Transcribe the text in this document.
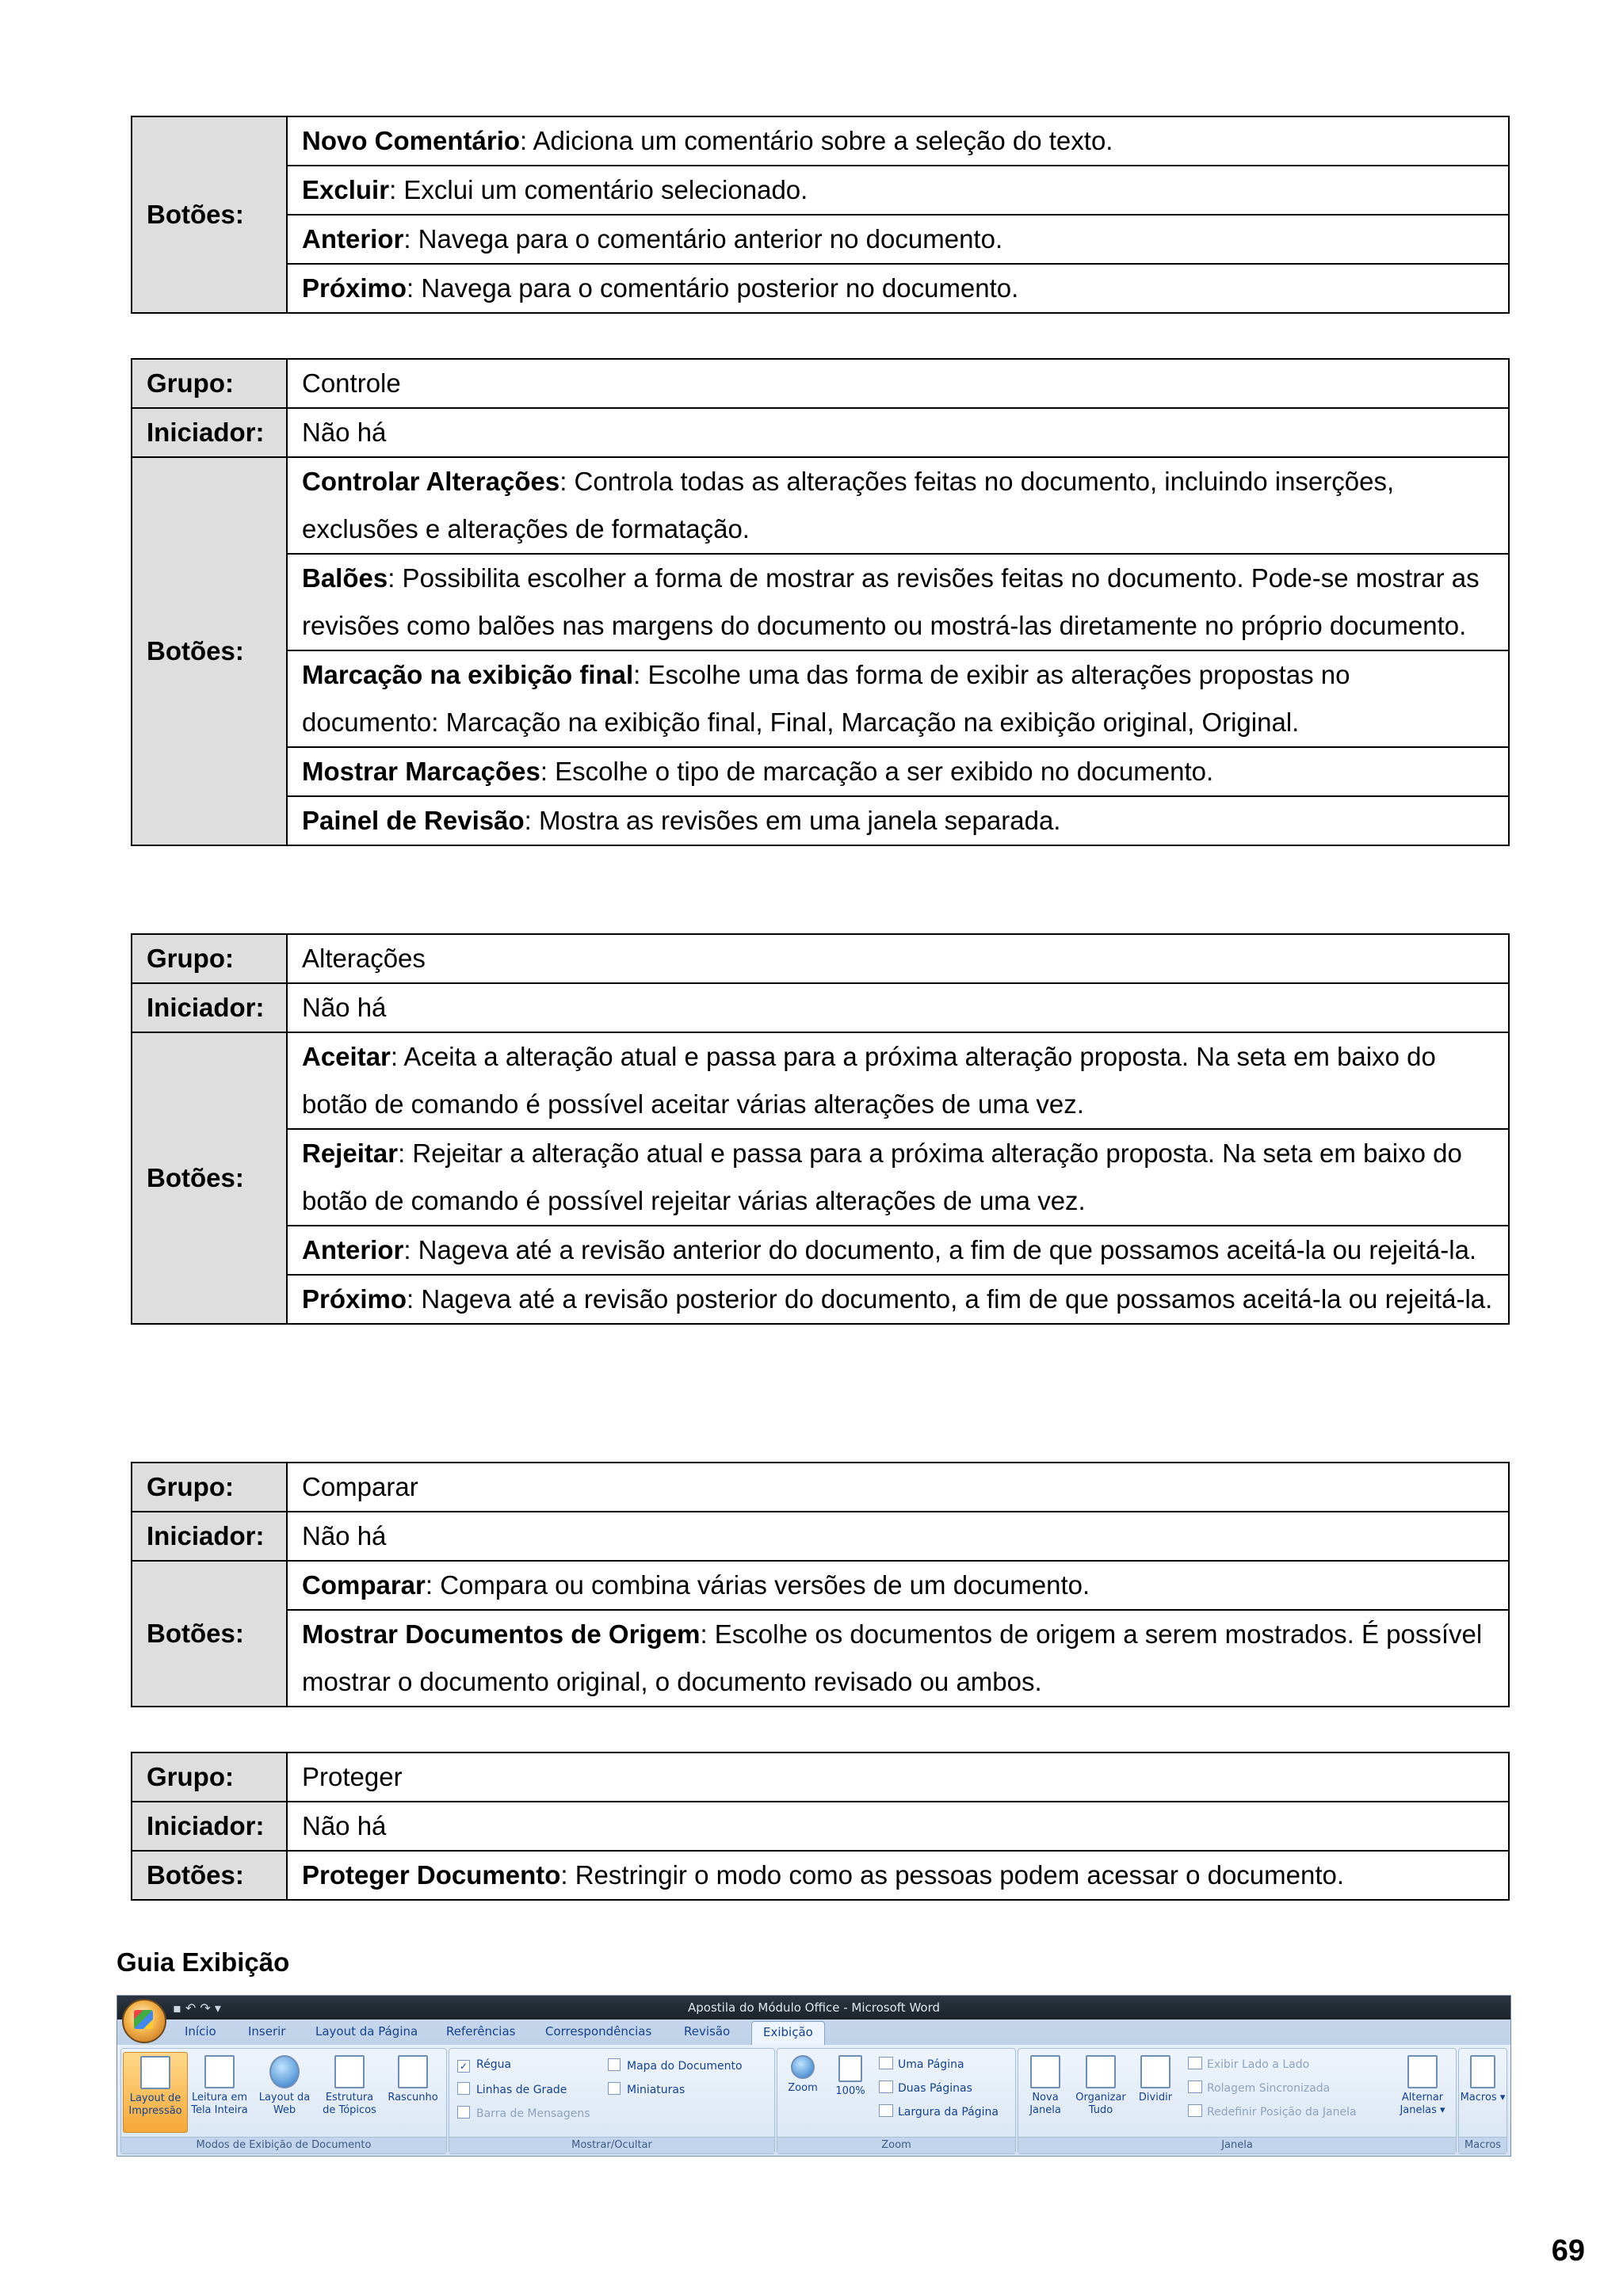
Botões:	Novo Comentário: Adiciona um comentário sobre a seleção do texto.
Excluir: Exclui um comentário selecionado.
Anterior: Navega para o comentário anterior no documento.
Próximo: Navega para o comentário posterior no documento.
Grupo:	Controle
Iniciador:	Não há
Botões:	Controlar Alterações: Controla todas as alterações feitas no documento, incluindo inserções, exclusões e alterações de formatação.
	Balões: Possibilita escolher a forma de mostrar as revisões feitas no documento. Pode-se mostrar as revisões como balões nas margens do documento ou mostrá-las diretamente no próprio documento.
	Marcação na exibição final: Escolhe uma das forma de exibir as alterações propostas no documento: Marcação na exibição final, Final, Marcação na exibição original, Original.
	Mostrar Marcações: Escolhe o tipo de marcação a ser exibido no documento.
	Painel de Revisão: Mostra as revisões em uma janela separada.
Grupo:	Alterações
Iniciador:	Não há
Botões:	Aceitar: Aceita a alteração atual e passa para a próxima alteração proposta. Na seta em baixo do botão de comando é possível aceitar várias alterações de uma vez.
	Rejeitar: Rejeitar a alteração atual e passa para a próxima alteração proposta. Na seta em baixo do botão de comando é possível rejeitar várias alterações de uma vez.
	Anterior: Nageva até a revisão anterior do documento, a fim de que possamos aceitá-la ou rejeitá-la.
	Próximo: Nageva até a revisão posterior do documento, a fim de que possamos aceitá-la ou rejeitá-la.
Grupo:	Comparar
Iniciador:	Não há
Botões:	Comparar: Compara ou combina várias versões de um documento.
	Mostrar Documentos de Origem: Escolhe os documentos de origem a serem mostrados. É possível mostrar o documento original, o documento revisado ou ambos.
Grupo:	Proteger
Iniciador:	Não há
Botões:	Proteger Documento: Restringir o modo como as pessoas podem acessar o documento.
Guia Exibição
Apostila do Módulo Office - Microsoft Word
▪ ↶ ↷ ▾
Início	Inserir	Layout da Página Referências	Correspondências	Revisão	Exibição
Layout de Impressão
Leitura em Tela Inteira
Layout da Web
Estrutura de Tópicos
Rascunho
Modos de Exibição de Documento
✓ Régua
Linhas de Grade
Barra de Mensagens
Mapa do Documento
Miniaturas
Mostrar/Ocultar
Zoom	100%
Uma Página
Duas Páginas
Largura da Página
Zoom
Nova Janela
Organizar Tudo
Dividir
Exibir Lado a Lado
Rolagem Sincronizada
Redefinir Posição da Janela
Alternar Janelas ▾
Janela
Macros ▾
Macros
69
